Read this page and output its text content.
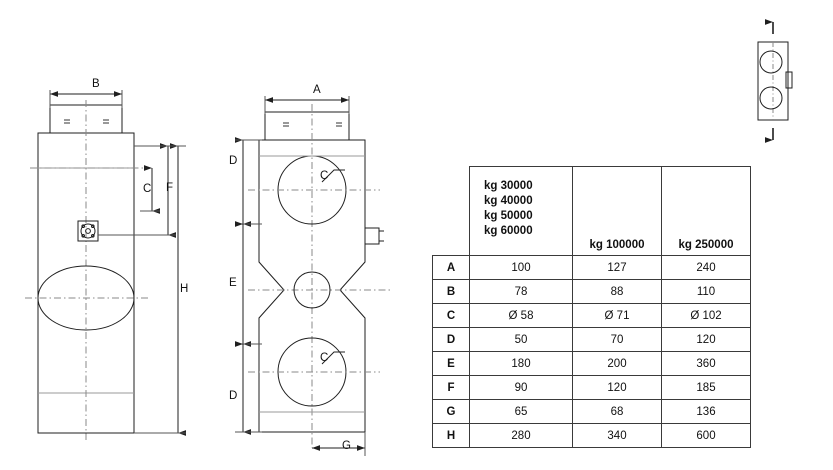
B
H
F
C
A
D
E
D
G
C
C

	kg 30000
kg 40000
kg 50000
kg 60000	kg 100000	kg 250000
A	100	127	240
B	78	88	110
C	Ø 58	Ø 71	Ø 102
D	50	70	120
E	180	200	360
F	90	120	185
G	65	68	136
H	280	340	600
